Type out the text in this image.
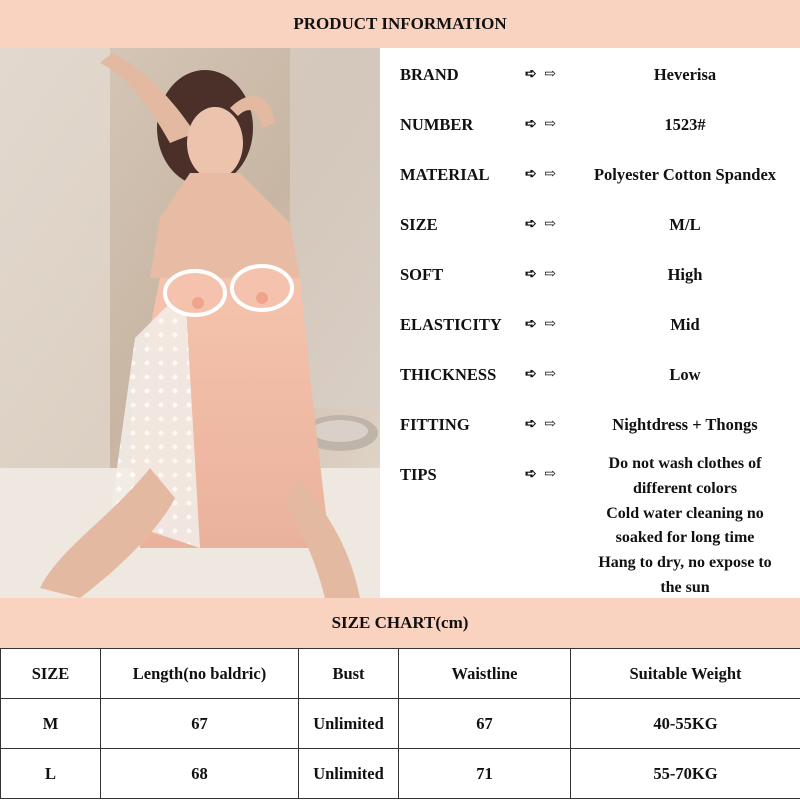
PRODUCT INFORMATION
BRAND	➪ ⇨	Heverisa
NUMBER	➪ ⇨	1523#
MATERIAL	➪ ⇨	Polyester Cotton Spandex
SIZE	➪ ⇨	M/L
SOFT	➪ ⇨	High
ELASTICITY ➪ ⇨	Mid
THICKNESS ➪ ⇨	Low
FITTING	➪ ⇨	Nightdress + Thongs
TIPS	➪ ⇨
Do not wash clothes of
different colors
Cold water cleaning no
soaked for long time
Hang to dry, no expose to
the sun
SIZE CHART(cm)
SIZE	Length(no baldric)	Bust	Waistline	Suitable Weight
M	67	Unlimited	67	40-55KG
L	68	Unlimited	71	55-70KG
